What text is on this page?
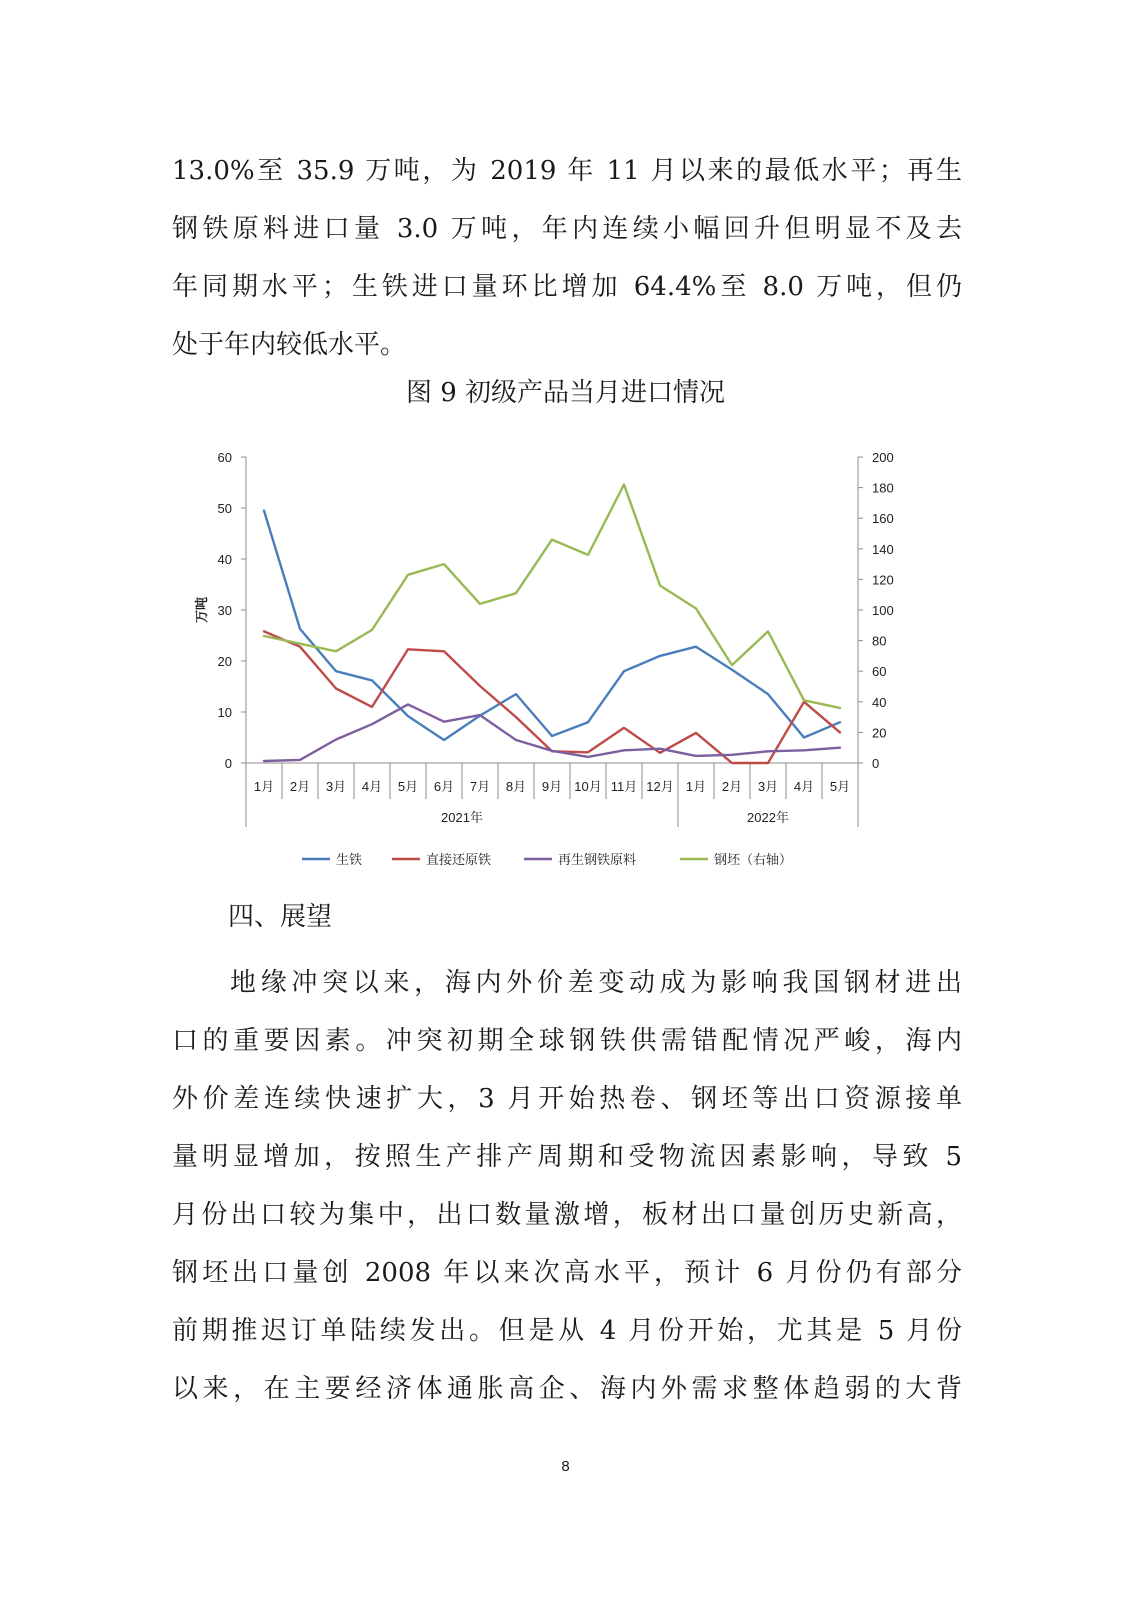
13.0%至 35.9 万吨，为 2019 年 11 月以来的最低水平；再生
钢铁原料进口量 3.0 万吨，年内连续小幅回升但明显不及去
年同期水平；生铁进口量环比增加 64.4%至 8.0 万吨，但仍
处于年内较低水平。
图 9 初级产品当月进口情况
0
10
20
30
40
50
60
0
20
40
60
80
100
120
140
160
180
200
1月 2月 3月 4月 5月 6月 7月 8月 9月 10月 11月 12月 1月 2月 3月 4月 5月
2021年	2022年
万吨
生铁	直接还原铁	再生钢铁原料	钢坯（右轴）
四、展望
地缘冲突以来，海内外价差变动成为影响我国钢材进出
口的重要因素。冲突初期全球钢铁供需错配情况严峻，海内
外价差连续快速扩大，3 月开始热卷、钢坯等出口资源接单
量明显增加，按照生产排产周期和受物流因素影响，导致 5
月份出口较为集中，出口数量激增，板材出口量创历史新高，
钢坯出口量创 2008 年以来次高水平，预计 6 月份仍有部分
前期推迟订单陆续发出。但是从 4 月份开始，尤其是 5 月份
以来，在主要经济体通胀高企、海内外需求整体趋弱的大背
8
